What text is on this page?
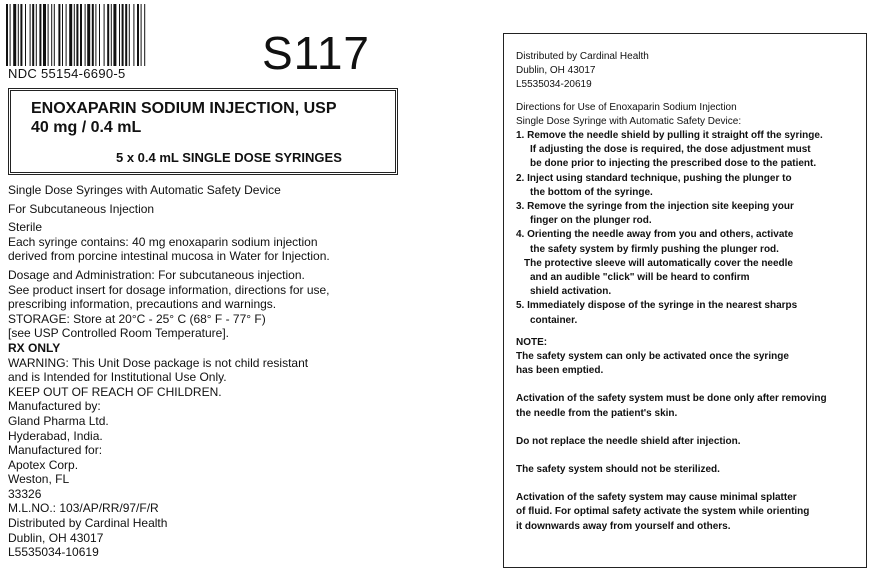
NDC 55154-6690-5	S117
ENOXAPARIN SODIUM INJECTION, USP
40 mg / 0.4 mL
5 x 0.4 mL SINGLE DOSE SYRINGES
Single Dose Syringes with Automatic Safety Device
For Subcutaneous Injection
Sterile
Each syringe contains: 40 mg enoxaparin sodium injection
derived from porcine intestinal mucosa in Water for Injection.
Dosage and Administration: For subcutaneous injection.
See product insert for dosage information, directions for use,
prescribing information, precautions and warnings.
STORAGE: Store at 20°C - 25° C (68° F - 77° F)
[see USP Controlled Room Temperature].
RX ONLY
WARNING: This Unit Dose package is not child resistant
and is Intended for Institutional Use Only.
KEEP OUT OF REACH OF CHILDREN.
Manufactured by:
Gland Pharma Ltd.
Hyderabad, India.
Manufactured for:
Apotex Corp.
Weston, FL
33326
M.L.NO.: 103/AP/RR/97/F/R
Distributed by Cardinal Health
Dublin, OH 43017
L5535034-10619
Distributed by Cardinal Health
Dublin, OH 43017
L5535034-20619
Directions for Use of Enoxaparin Sodium Injection
Single Dose Syringe with Automatic Safety Device:
1. Remove the needle shield by pulling it straight off the syringe.
If adjusting the dose is required, the dose adjustment must
be done prior to injecting the prescribed dose to the patient.
2. Inject using standard technique, pushing the plunger to
the bottom of the syringe.
3. Remove the syringe from the injection site keeping your
finger on the plunger rod.
4. Orienting the needle away from you and others, activate
the safety system by firmly pushing the plunger rod.
The protective sleeve will automatically cover the needle
and an audible "click" will be heard to confirm
shield activation.
5. Immediately dispose of the syringe in the nearest sharps
container.
NOTE:
The safety system can only be activated once the syringe
has been emptied.
Activation of the safety system must be done only after removing
the needle from the patient's skin.
Do not replace the needle shield after injection.
The safety system should not be sterilized.
Activation of the safety system may cause minimal splatter
of fluid. For optimal safety activate the system while orienting
it downwards away from yourself and others.
